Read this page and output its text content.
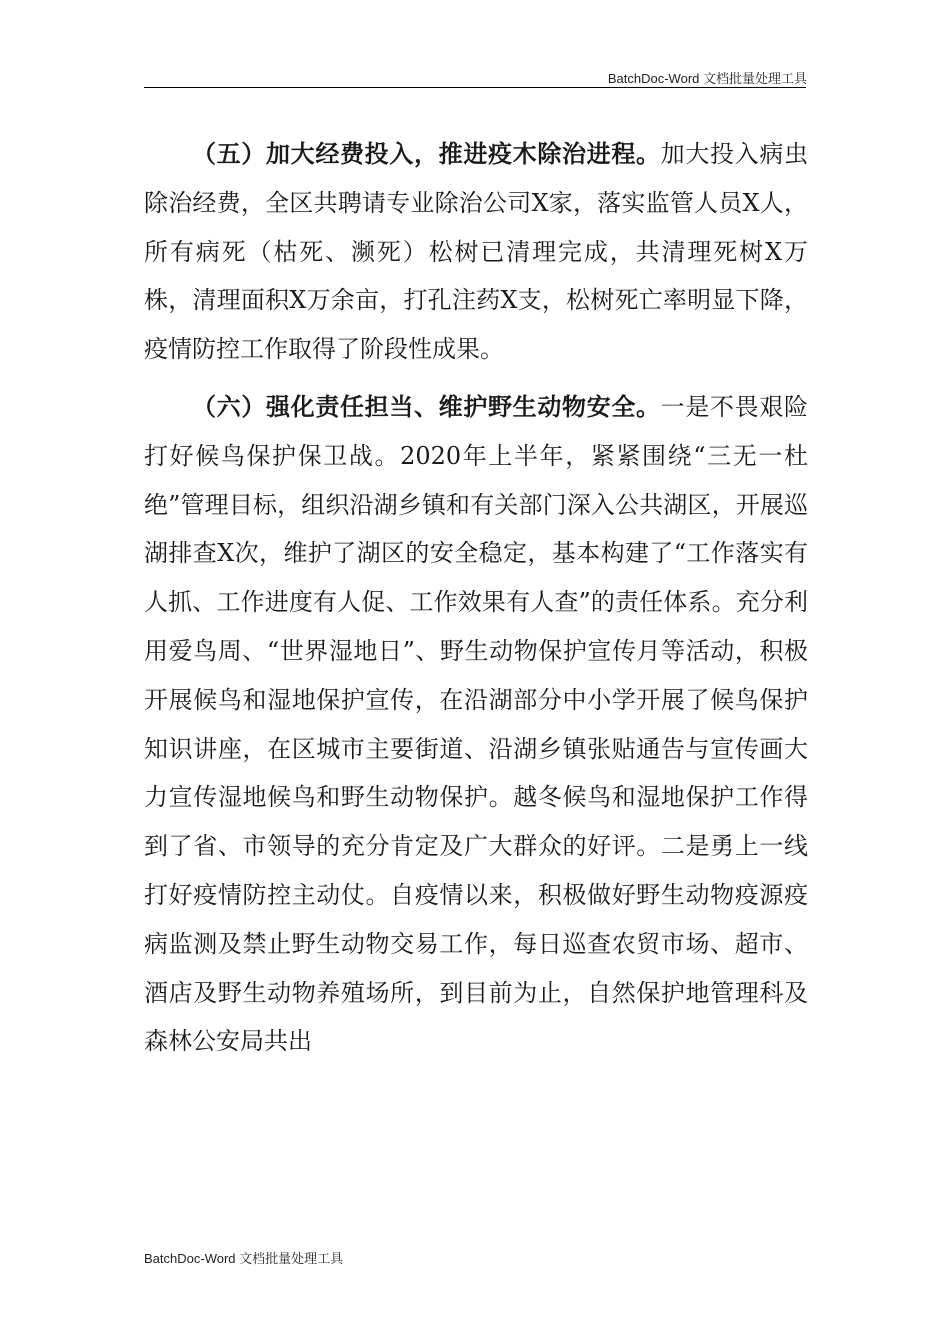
BatchDoc-Word 文档批量处理工具

（五）加大经费投入，推进疫木除治进程。加大投入病虫除治经费，全区共聘请专业除治公司X家，落实监管人员X人，所有病死（枯死、濒死）松树已清理完成，共清理死树X万株，清理面积X万余亩，打孔注药X支，松树死亡率明显下降，疫情防控工作取得了阶段性成果。

（六）强化责任担当、维护野生动物安全。一是不畏艰险打好候鸟保护保卫战。2020年上半年，紧紧围绕“三无一杜绝”管理目标，组织沿湖乡镇和有关部门深入公共湖区，开展巡湖排查X次，维护了湖区的安全稳定，基本构建了“工作落实有人抓、工作进度有人促、工作效果有人查”的责任体系。充分利用爱鸟周、“世界湿地日”、野生动物保护宣传月等活动，积极开展候鸟和湿地保护宣传，在沿湖部分中小学开展了候鸟保护知识讲座，在区城市主要街道、沿湖乡镇张贴通告与宣传画大力宣传湿地候鸟和野生动物保护。越冬候鸟和湿地保护工作得到了省、市领导的充分肯定及广大群众的好评。二是勇上一线打好疫情防控主动仗。自疫情以来，积极做好野生动物疫源疫病监测及禁止野生动物交易工作，每日巡查农贸市场、超市、酒店及野生动物养殖场所，到目前为止，自然保护地管理科及森林公安局共出

BatchDoc-Word 文档批量处理工具
